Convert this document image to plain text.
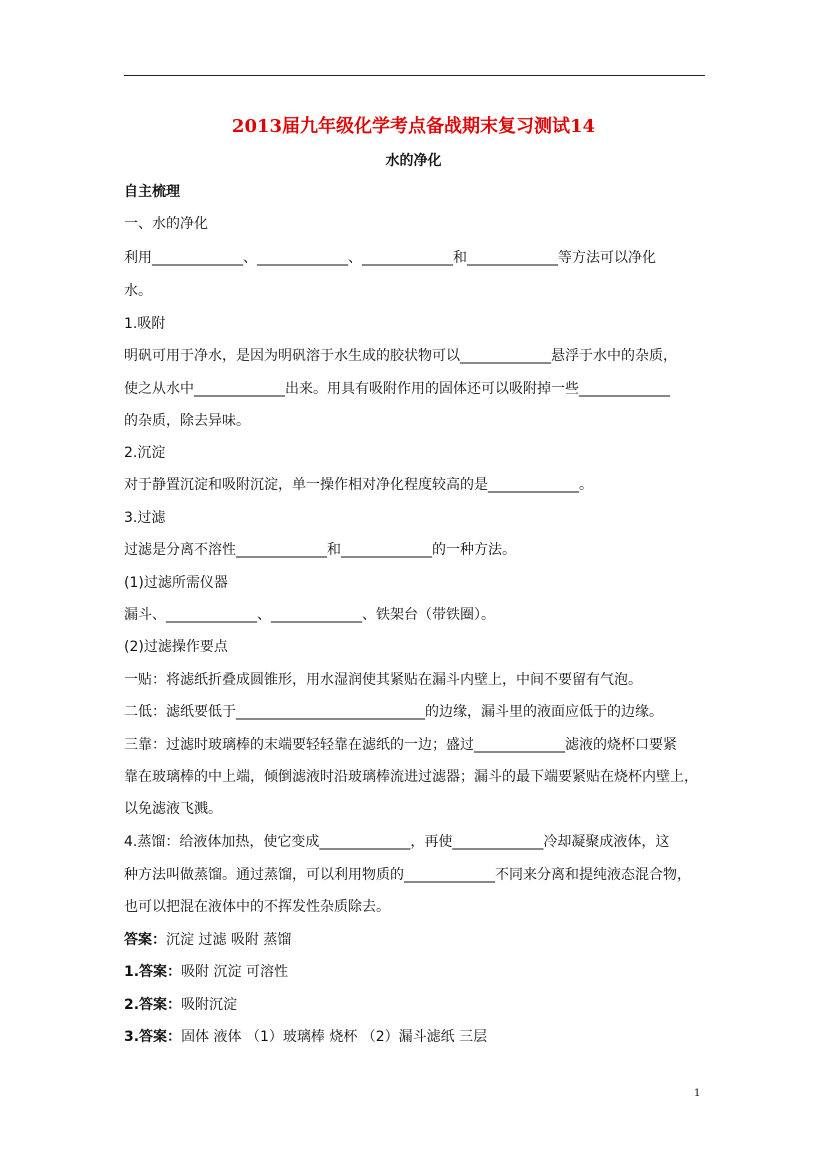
2013届九年级化学考点备战期末复习测试14
水的净化
自主梳理
一、水的净化
利用_____________、_____________、_____________和_____________等方法可以净化
水。
1.吸附
明矾可用于净水，是因为明矾溶于水生成的胶状物可以_____________悬浮于水中的杂质，
使之从水中_____________出来。用具有吸附作用的固体还可以吸附掉一些_____________
的杂质，除去异味。
2.沉淀
对于静置沉淀和吸附沉淀，单一操作相对净化程度较高的是_____________。
3.过滤
过滤是分离不溶性_____________和_____________的一种方法。
(1)过滤所需仪器
漏斗、_____________、_____________、铁架台（带铁圈）。
(2)过滤操作要点
一贴：将滤纸折叠成圆锥形，用水湿润使其紧贴在漏斗内壁上，中间不要留有气泡。
二低：滤纸要低于___________________________的边缘，漏斗里的液面应低于的边缘。
三靠：过滤时玻璃棒的末端要轻轻靠在滤纸的一边；盛过_____________滤液的烧杯口要紧
靠在玻璃棒的中上端，倾倒滤液时沿玻璃棒流进过滤器；漏斗的最下端要紧贴在烧杯内壁上，
以免滤液飞溅。
4.蒸馏：给液体加热，使它变成_____________，再使_____________冷却凝聚成液体，这
种方法叫做蒸馏。通过蒸馏，可以利用物质的_____________不同来分离和提纯液态混合物，
也可以把混在液体中的不挥发性杂质除去。
答案：沉淀 过滤 吸附 蒸馏
1.答案：吸附 沉淀 可溶性
2.答案：吸附沉淀
3.答案：固体 液体 （1）玻璃棒 烧杯 （2）漏斗滤纸 三层
1
